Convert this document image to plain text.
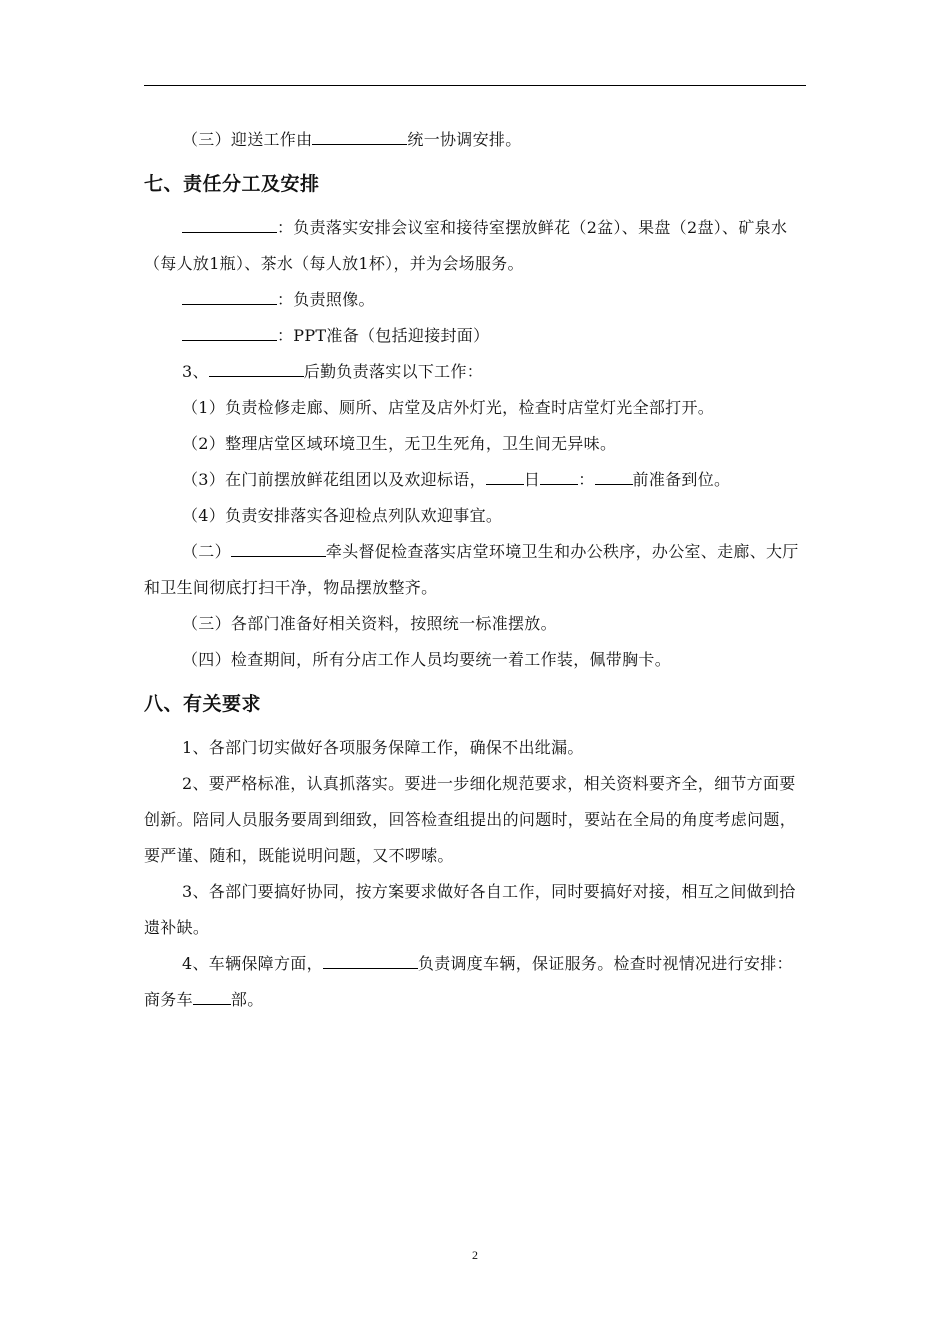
（三）迎送工作由	统一协调安排。

七、责任分工及安排

：负责落实安排会议室和接待室摆放鲜花（2盆）、果盘（2盘）、矿泉水（每人放1瓶）、茶水（每人放1杯），并为会场服务。

：负责照像。

：PPT准备（包括迎接封面）

3、	后勤负责落实以下工作：

（1）负责检修走廊、厕所、店堂及店外灯光，检查时店堂灯光全部打开。

（2）整理店堂区域环境卫生，无卫生死角，卫生间无异味。

（3）在门前摆放鲜花组团以及欢迎标语， 日 ： 前准备到位。

（4）负责安排落实各迎检点列队欢迎事宜。

（二）	牵头督促检查落实店堂环境卫生和办公秩序，办公室、走廊、大厅和卫生间彻底打扫干净，物品摆放整齐。

（三）各部门准备好相关资料，按照统一标准摆放。

（四）检查期间，所有分店工作人员均要统一着工作装，佩带胸卡。

八、有关要求

1、各部门切实做好各项服务保障工作，确保不出纰漏。

2、要严格标准，认真抓落实。要进一步细化规范要求，相关资料要齐全，细节方面要创新。陪同人员服务要周到细致，回答检查组提出的问题时，要站在全局的角度考虑问题，要严谨、随和，既能说明问题，又不啰嗦。

3、各部门要搞好协同，按方案要求做好各自工作，同时要搞好对接，相互之间做到拾遗补缺。

4、车辆保障方面，	负责调度车辆，保证服务。检查时视情况进行安排：商务车 部。

2
